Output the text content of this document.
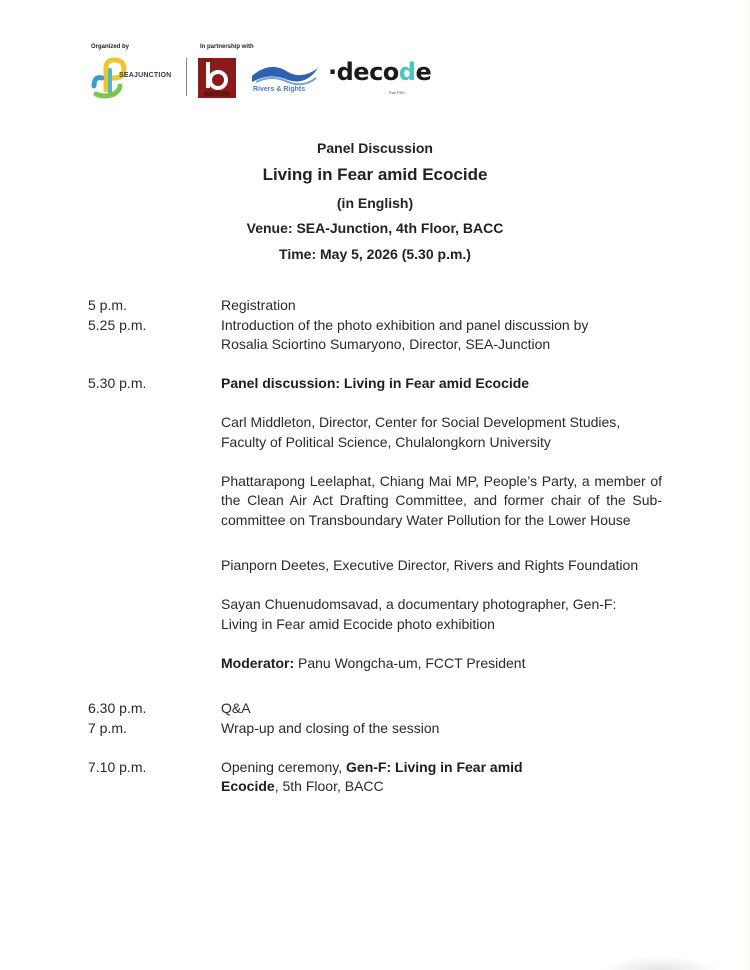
Organized by	In partnership with
SEAJUNCTION
Rivers & Rights
·decode
Thai PBS
Panel Discussion
Living in Fear amid Ecocide
(in English)
Venue: SEA-Junction, 4th Floor, BACC
Time: May 5, 2026 (5.30 p.m.)
5 p.m.	Registration
5.25 p.m.	Introduction of the photo exhibition and panel discussion by
Rosalia Sciortino Sumaryono, Director, SEA-Junction
5.30 p.m.	Panel discussion: Living in Fear amid Ecocide
Carl Middleton, Director, Center for Social Development Studies,
Faculty of Political Science, Chulalongkorn University
Phattarapong Leelaphat, Chiang Mai MP, People’s Party, a member of the Clean Air Act Drafting Committee, and former chair of the Sub-committee on Transboundary Water Pollution for the Lower House
Pianporn Deetes, Executive Director, Rivers and Rights Foundation
Sayan Chuenudomsavad, a documentary photographer, Gen-F:
Living in Fear amid Ecocide photo exhibition
Moderator: Panu Wongcha-um, FCCT President
6.30 p.m.	Q&A
7 p.m.	Wrap-up and closing of the session
7.10 p.m.	Opening ceremony, Gen-F: Living in Fear amid
Ecocide, 5th Floor, BACC
